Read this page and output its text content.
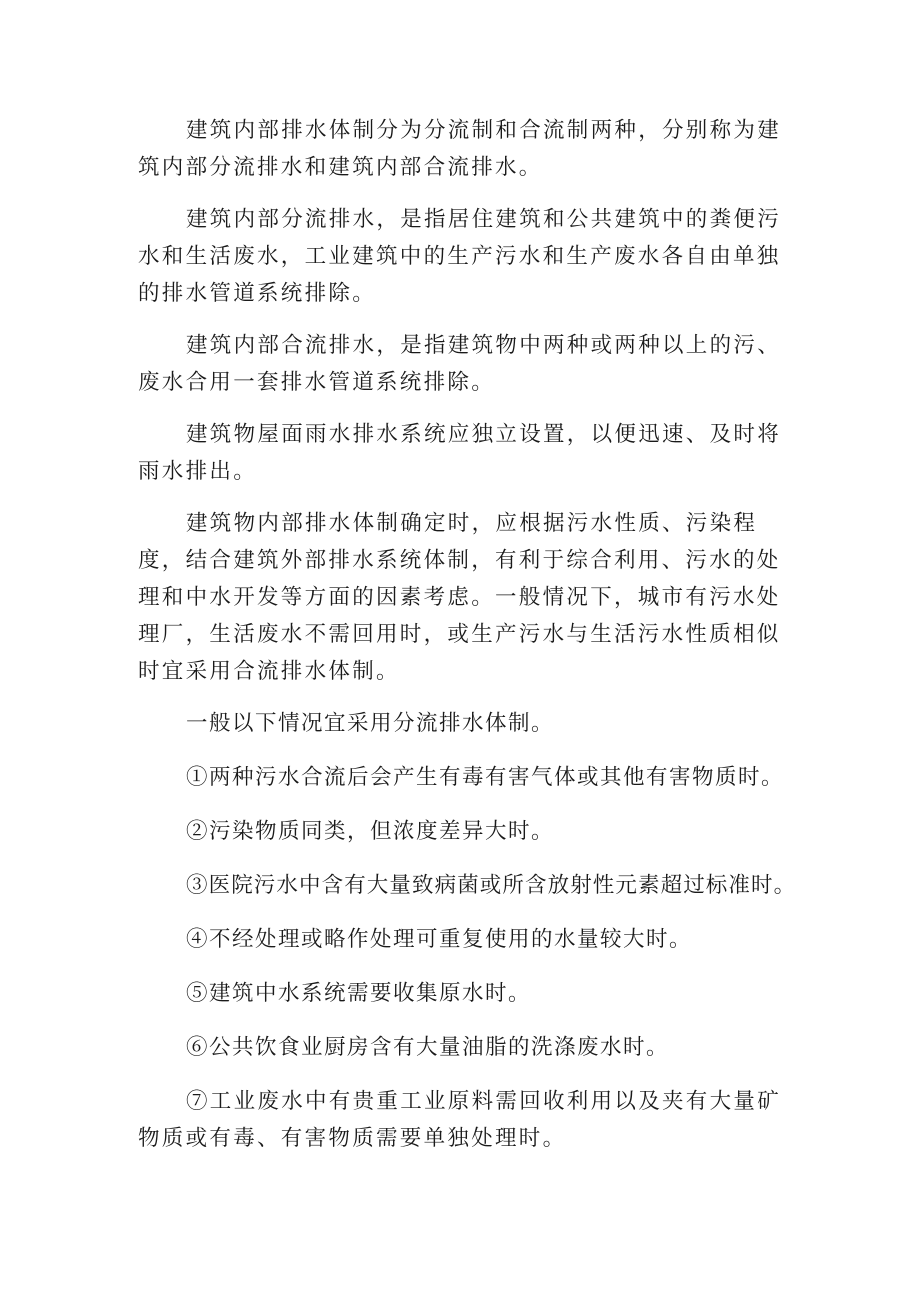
建筑内部排水体制分为分流制和合流制两种，分别称为建筑内部分流排水和建筑内部合流排水。

建筑内部分流排水，是指居住建筑和公共建筑中的粪便污水和生活废水，工业建筑中的生产污水和生产废水各自由单独的排水管道系统排除。

建筑内部合流排水，是指建筑物中两种或两种以上的污、废水合用一套排水管道系统排除。

建筑物屋面雨水排水系统应独立设置，以便迅速、及时将雨水排出。

建筑物内部排水体制确定时，应根据污水性质、污染程度，结合建筑外部排水系统体制，有利于综合利用、污水的处理和中水开发等方面的因素考虑。一般情况下，城市有污水处理厂，生活废水不需回用时，或生产污水与生活污水性质相似时宜采用合流排水体制。

一般以下情况宜采用分流排水体制。

①两种污水合流后会产生有毒有害气体或其他有害物质时。

②污染物质同类，但浓度差异大时。

③医院污水中含有大量致病菌或所含放射性元素超过标准时。

④不经处理或略作处理可重复使用的水量较大时。

⑤建筑中水系统需要收集原水时。

⑥公共饮食业厨房含有大量油脂的洗涤废水时。

⑦工业废水中有贵重工业原料需回收利用以及夹有大量矿物质或有毒、有害物质需要单独处理时。
